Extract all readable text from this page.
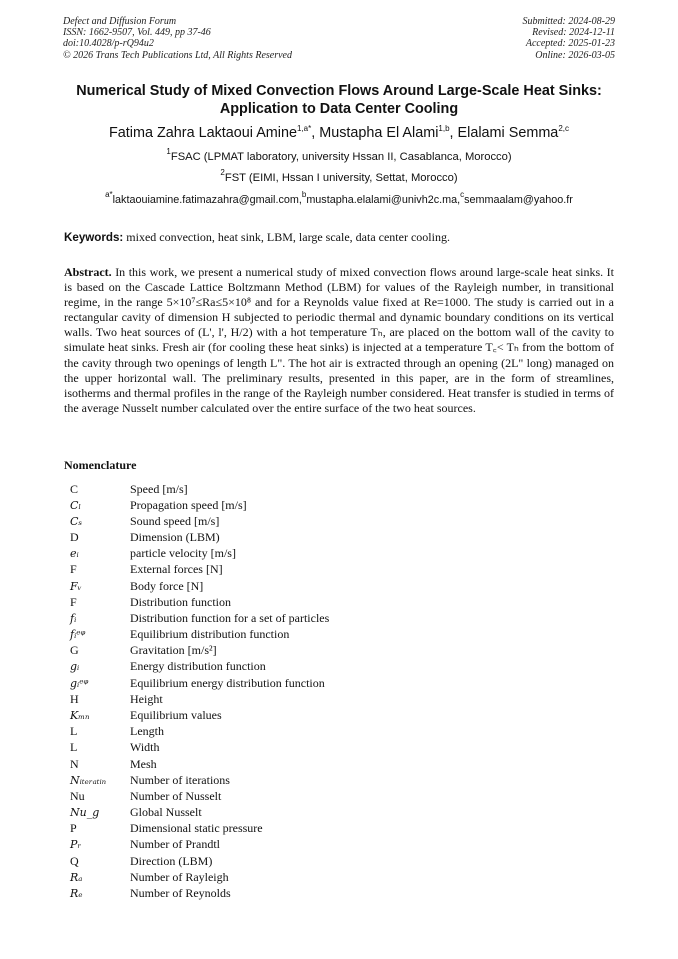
Defect and Diffusion Forum
ISSN: 1662-9507, Vol. 449, pp 37-46
doi:10.4028/p-rQ94u2
© 2026 Trans Tech Publications Ltd, All Rights Reserved
Submitted: 2024-08-29
Revised: 2024-12-11
Accepted: 2025-01-23
Online: 2026-03-05
Numerical Study of Mixed Convection Flows Around Large-Scale Heat Sinks: Application to Data Center Cooling
Fatima Zahra Laktaoui Amine$^{1,a*}$, Mustapha El Alami$^{1,b}$, Elalami Semma$^{2,c}$
$^1$FSAC (LPMAT laboratory, university Hssan II, Casablanca, Morocco)
$^2$FST (EIMI, Hssan I university, Settat, Morocco)
$^{a*}$laktaouiamine.fatimazahra@gmail.com,$^b$mustapha.elalami@univh2c.ma,$^c$semmaalam@yahoo.fr
Keywords: mixed convection, heat sink, LBM, large scale, data center cooling.
Abstract. In this work, we present a numerical study of mixed convection flows around large-scale heat sinks. It is based on the Cascade Lattice Boltzmann Method (LBM) for values of the Rayleigh number, in transitional regime, in the range 5×10⁷≤Ra≤5×10⁸ and for a Reynolds value fixed at Re=1000. The study is carried out in a rectangular cavity of dimension H subjected to periodic thermal and dynamic boundary conditions on its vertical walls. Two heat sources of (L', l', H/2) with a hot temperature Tₕ, are placed on the bottom wall of the cavity to simulate heat sinks. Fresh air (for cooling these heat sinks) is injected at a temperature T꜀< Tₕ from the bottom of the cavity through two openings of length L". The hot air is extracted through an opening (2L" long) managed on the upper horizontal wall. The preliminary results, presented in this paper, are in the form of streamlines, isotherms and thermal profiles in the range of the Rayleigh number considered. Heat transfer is studied in terms of the average Nusselt number calculated over the entire surface of the two heat sources.
Nomenclature
C	Speed [m/s]
Cₗ	Propagation speed [m/s]
Cₛ	Sound speed [m/s]
D	Dimension (LBM)
eᵢ	particle velocity [m/s]
F	External forces [N]
Fᵥ	Body force [N]
F	Distribution function
fᵢ	Distribution function for a set of particles
fᵢᵉᵠ	Equilibrium distribution function
G	Gravitation [m/s²]
gᵢ	Energy distribution function
gᵢᵉᵠ	Equilibrium energy distribution function
H	Height
Kₘₙ	Equilibrium values
L	Length
L	Width
N	Mesh
Nᵢₜₑᵣₐₜᵢₙ	Number of iterations
Nu	Number of Nusselt
Nu_g	Global Nusselt
P	Dimensional static pressure
Pᵣ	Number of Prandtl
Q	Direction (LBM)
Rₐ	Number of Rayleigh
Rₑ	Number of Reynolds
